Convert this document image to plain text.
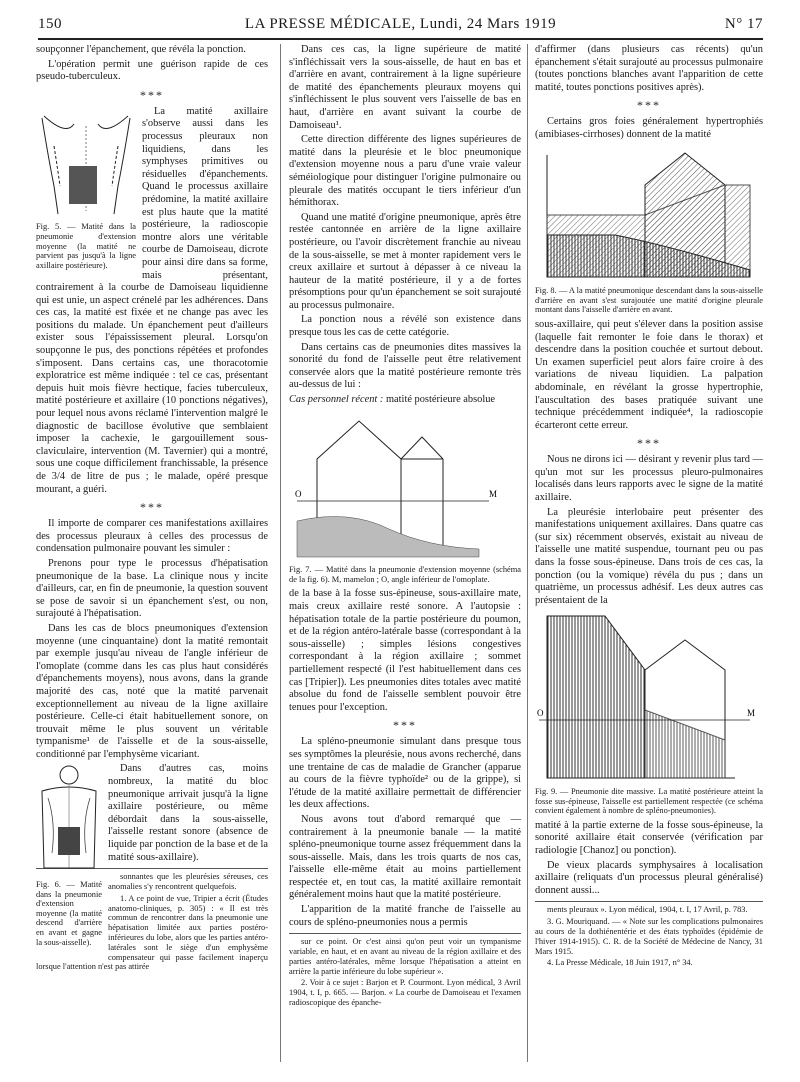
150	LA PRESSE MÉDICALE, Lundi, 24 Mars 1919	N° 17

soupçonner l'épanchement, que révéla la ponction.

L'opération permit une guérison rapide de ces pseudo-tuberculeux.

***
Fig. 5. — Matité dans la pneumonie d'extension moyenne (la matité ne parvient pas jusqu'à la ligne axillaire postérieure).

La matité axillaire s'observe aussi dans les processus pleuraux non liquidiens, dans les symphyses primitives ou résiduelles d'épanchements. Quand le processus axillaire prédomine, la matité axillaire est plus haute que la matité postérieure, la radioscopie montre alors une véritable courbe de Damoiseau, dicrote pour ainsi dire dans sa forme, mais présentant, contrairement à la courbe de Damoiseau liquidienne qui est unie, un aspect crénelé par les adhérences. Dans ces cas, la matité est fixée et ne change pas avec les positions du malade. Un épanchement peut d'ailleurs exister sous l'épaississement pleural. Lorsqu'on soupçonne le pus, des ponctions répétées et profondes s'imposent. Dans certains cas, une thoracotomie exploratrice est même indiquée : tel ce cas, présentant depuis huit mois fièvre hectique, facies tuberculeux, matité postérieure et axillaire (10 ponctions négatives), pour lequel nous avons réclamé l'intervention malgré le diagnostic de bacillose évolutive que semblaient imposer la cachexie, le gargouillement sous-claviculaire, intervention (M. Tavernier) qui a montré, sous une coque difficilement franchissable, la présence de 3/4 de litre de pus ; le malade, opéré presque mourant, a guéri.

***

Il importe de comparer ces manifestations axillaires des processus pleuraux à celles des processus de condensation pulmonaire pouvant les simuler :

Prenons pour type le processus d'hépatisation pneumonique de la base. La clinique nous y incite d'ailleurs, car, en fin de pneumonie, la question souvent se pose de savoir si un épanchement s'est, ou non, surajouté à l'hépatisation.

Dans les cas de blocs pneumoniques d'extension moyenne (une cinquantaine) dont la matité remontait par exemple jusqu'au niveau de l'angle inférieur de l'omoplate (comme dans les cas plus haut considérés d'épanchements moyens), nous avons, dans la grande majorité des cas, noté que la matité parvenait exceptionnellement au niveau de la ligne axillaire postérieure. Celle-ci était habituellement sonore, on trouvait même le plus souvent un véritable tympanisme¹ de l'aisselle et de la sous-aisselle, conditionné par l'emphysème vicariant.

Fig. 6. — Matité dans la pneumonie d'extension moyenne (la matité descend d'arrière en avant et gagne la sous-aisselle).

Dans d'autres cas, moins nombreux, la matité du bloc pneumonique arrivait jusqu'à la ligne axillaire postérieure, ou même débordait dans la sous-aisselle, l'aisselle restant sonore (absence de liquide par ponction de la base et de la matité sous-axillaire).

sonnantes que les pleurésies séreuses, ces anomalies s'y rencontrent quelquefois.

1. A ce point de vue, Tripier a écrit (Études anatomo-cliniques, p. 305) : « Il est très commun de rencontrer dans la pneumonie une hépatisation limitée aux parties postéro-inférieures du lobe, alors que les parties antéro-latérales sont le siège d'un emphysème compensateur qui passe facilement inaperçu lorsque l'attention n'est pas attirée

Dans ces cas, la ligne supérieure de matité s'infléchissait vers la sous-aisselle, de haut en bas et d'arrière en avant, contrairement à la ligne supérieure de matité des épanchements pleuraux moyens qui s'infléchissent le plus souvent vers l'aisselle de bas en haut, d'arrière en avant suivant la courbe de Damoiseau¹.

Cette direction différente des lignes supérieures de matité dans la pleurésie et le bloc pneumonique d'extension moyenne nous a paru d'une vraie valeur séméiologique pour distinguer l'origine pulmonaire ou pleurale des matités occupant le tiers inférieur d'un hémithorax.

Quand une matité d'origine pneumonique, après être restée cantonnée en arrière de la ligne axillaire postérieure, ou l'avoir discrètement franchie au niveau de la sous-aisselle, se met à monter rapidement vers le creux axillaire et surtout à dépasser à ce niveau la hauteur de la matité postérieure, il y a de fortes présomptions pour qu'un épanchement se soit surajouté au processus pulmonaire.

La ponction nous a révélé son existence dans presque tous les cas de cette catégorie.

Dans certains cas de pneumonies dites massives la sonorité du fond de l'aisselle peut être relativement conservée alors que la matité postérieure remonte très au-dessus de lui :

Cas personnel récent : matité postérieure absolue

O	M
Fig. 7. — Matité dans la pneumonie d'extension moyenne (schéma de la fig. 6). M, mamelon ; O, angle inférieur de l'omoplate.

de la base à la fosse sus-épineuse, sous-axillaire mate, mais creux axillaire resté sonore. A l'autopsie : hépatisation totale de la partie postérieure du poumon, et de la région antéro-latérale basse (correspondant à la sous-aisselle) ; simples lésions congestives correspondant à la région axillaire ; sommet partiellement respecté (il l'est habituellement dans ces cas [Tripier]). Les pneumonies dites totales avec matité absolue du fond de l'aisselle semblent pouvoir être tenues pour l'exception.

***

La spléno-pneumonie simulant dans presque tous ses symptômes la pleurésie, nous avons recherché, dans une trentaine de cas de maladie de Grancher (apparue au cours de la fièvre typhoïde² ou de la grippe), si l'étude de la matité axillaire permettait de différencier les deux affections.

Nous avons tout d'abord remarqué que — contrairement à la pneumonie banale — la matité spléno-pneumonique tourne assez fréquemment dans la sous-aisselle. Mais, dans les trois quarts de nos cas, l'aisselle elle-même était au moins partiellement respectée et, en tout cas, la matité axillaire remontait généralement moins haut que la matité postérieure.

L'apparition de la matité franche de l'aisselle au cours de spléno-pneumonies nous a permis

sur ce point. Or c'est ainsi qu'on peut voir un tympanisme variable, en haut, et en avant au niveau de la région axillaire et des parties antéro-latérales, même lorsque l'hépatisation a atteint en arrière la partie inférieure du lobe supérieur ».

2. Voir à ce sujet : Barjon et P. Courmont. Lyon médical, 3 Avril 1904, t. I, p. 665. — Barjon. « La courbe de Damoiseau et l'examen radioscopique des épanche-

d'affirmer (dans plusieurs cas récents) qu'un épanchement s'était surajouté au processus pulmonaire (toutes ponctions blanches avant l'apparition de cette matité, toutes ponctions positives après).

***

Certains gros foies généralement hypertrophiés (amibiases-cirrhoses) donnent de la matité

Fig. 8. — A la matité pneumonique descendant dans la sous-aisselle d'arrière en avant s'est surajoutée une matité d'origine pleurale montant dans l'aisselle d'arrière en avant.

sous-axillaire, qui peut s'élever dans la position assise (laquelle fait remonter le foie dans le thorax) et descendre dans la position couchée et surtout debout. Un examen superficiel peut alors faire croire à des variations de niveau liquidien. La palpation abdominale, en révélant la grosse hypertrophie, l'auscultation des bases pratiquée suivant une technique précédemment indiquée⁴, la radioscopie écarteront cette erreur.

***

Nous ne dirons ici — désirant y revenir plus tard — qu'un mot sur les processus pleuro-pulmonaires localisés dans leurs rapports avec le signe de la matité axillaire.

La pleurésie interlobaire peut présenter des manifestations uniquement axillaires. Dans quatre cas (sur six) récemment observés, existait au niveau de l'aisselle une matité suspendue, tournant peu ou pas dans la fosse sous-épineuse. Dans trois de ces cas, la ponction (ou la vomique) révéla du pus ; dans un quatrième, un processus adhésif. Les deux autres cas présentaient de la

O	M
Fig. 9. — Pneumonie dite massive. La matité postérieure atteint la fosse sus-épineuse, l'aisselle est partiellement respectée (ce schéma convient également à nombre de spléno-pneumonies).

matité à la partie externe de la fosse sous-épineuse, la sonorité axillaire était conservée (vérification par radiologie [Chanoz] ou ponction).

De vieux placards symphysaires à localisation axillaire (reliquats d'un processus pleural généralisé) donnent aussi...

ments pleuraux ». Lyon médical, 1904, t. I, 17 Avril, p. 783.

3. G. Mouriquand. — « Note sur les complications pulmonaires au cours de la dothiénentérie et des états typhoïdes (épidémie de l'hiver 1914-1915). C. R. de la Société de Médecine de Nancy, 31 Mars 1915.

4. La Presse Médicale, 18 Juin 1917, n° 34.
